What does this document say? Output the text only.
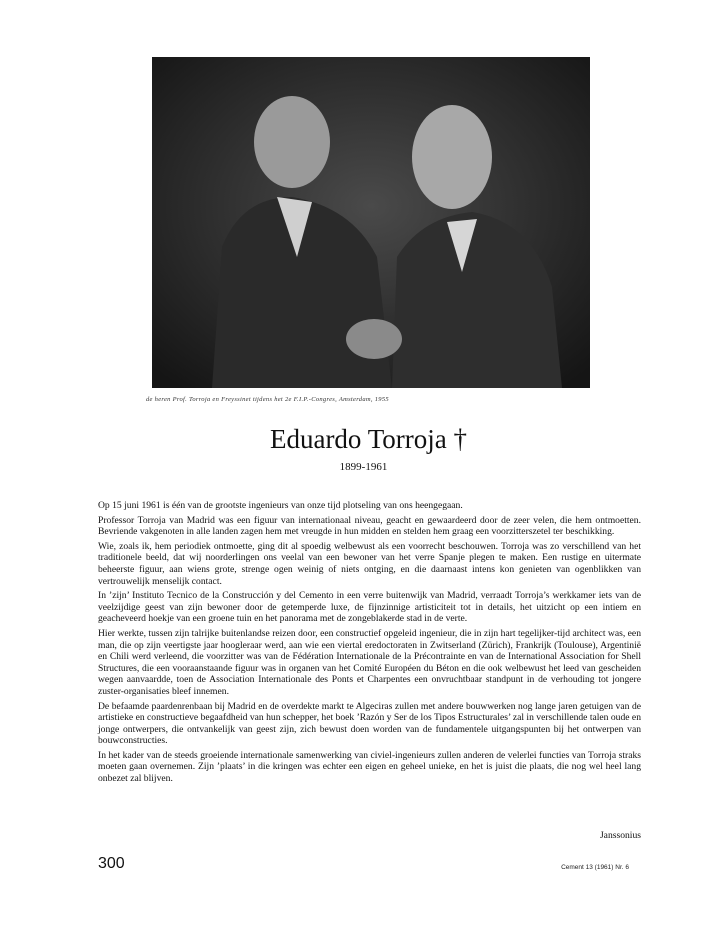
de heren Prof. Torroja en Freyssinet tijdens het 2e F.I.P.-Congres, Amsterdam, 1955
Eduardo Torroja †
1899-1961

Op 15 juni 1961 is één van de grootste ingenieurs van onze tijd plotseling van ons heengegaan.

Professor Torroja van Madrid was een figuur van internationaal niveau, geacht en gewaardeerd door de zeer velen, die hem ontmoetten. Bevriende vakgenoten in alle landen zagen hem met vreugde in hun midden en stelden hem graag een voorzitterszetel ter beschikking.

Wie, zoals ik, hem periodiek ontmoette, ging dit al spoedig welbewust als een voorrecht beschouwen. Torroja was zo verschillend van het traditionele beeld, dat wij noorderlingen ons veelal van een bewoner van het verre Spanje plegen te maken. Een rustige en uitermate beheerste figuur, aan wiens grote, strenge ogen weinig of niets ontging, en die daarnaast intens kon genieten van ogenblikken van vertrouwelijk menselijk contact.

In ’zijn’ Instituto Tecnico de la Construcción y del Cemento in een verre buitenwijk van Madrid, verraadt Torroja’s werkkamer iets van de veelzijdige geest van zijn bewoner door de getemperde luxe, de fijnzinnige artisticiteit tot in details, het uitzicht op een intiem en geacheveerd hoekje van een groene tuin en het panorama met de zongeblakerde stad in de verte.

Hier werkte, tussen zijn talrijke buitenlandse reizen door, een constructief opgeleid ingenieur, die in zijn hart tegelijker-tijd architect was, een man, die op zijn veertigste jaar hoogleraar werd, aan wie een viertal eredoctoraten in Zwitserland (Zürich), Frankrijk (Toulouse), Argentinië en Chili werd verleend, die voorzitter was van de Fédération Internationale de la Précontrainte en van de International Association for Shell Structures, die een vooraanstaande figuur was in organen van het Comité Européen du Béton en die ook welbewust het leed van gescheiden wegen aanvaardde, toen de Association Internationale des Ponts et Charpentes een onvruchtbaar standpunt in de verhouding tot jongere zuster-organisaties bleef innemen.

De befaamde paardenrenbaan bij Madrid en de overdekte markt te Algeciras zullen met andere bouwwerken nog lange jaren getuigen van de artistieke en constructieve begaafdheid van hun schepper, het boek ’Razón y Ser de los Tipos Estructurales’ zal in verschillende talen oude en jonge ontwerpers, die ontvankelijk van geest zijn, zich bewust doen worden van de fundamentele uitgangspunten bij het ontwerpen van bouwconstructies.

In het kader van de steeds groeiende internationale samenwerking van civiel-ingenieurs zullen anderen de velerlei functies van Torroja straks moeten gaan overnemen. Zijn ’plaats’ in die kringen was echter een eigen en geheel unieke, en het is juist die plaats, die nog wel heel lang onbezet zal blijven.

Janssonius
300	Cement 13 (1961) Nr. 6
